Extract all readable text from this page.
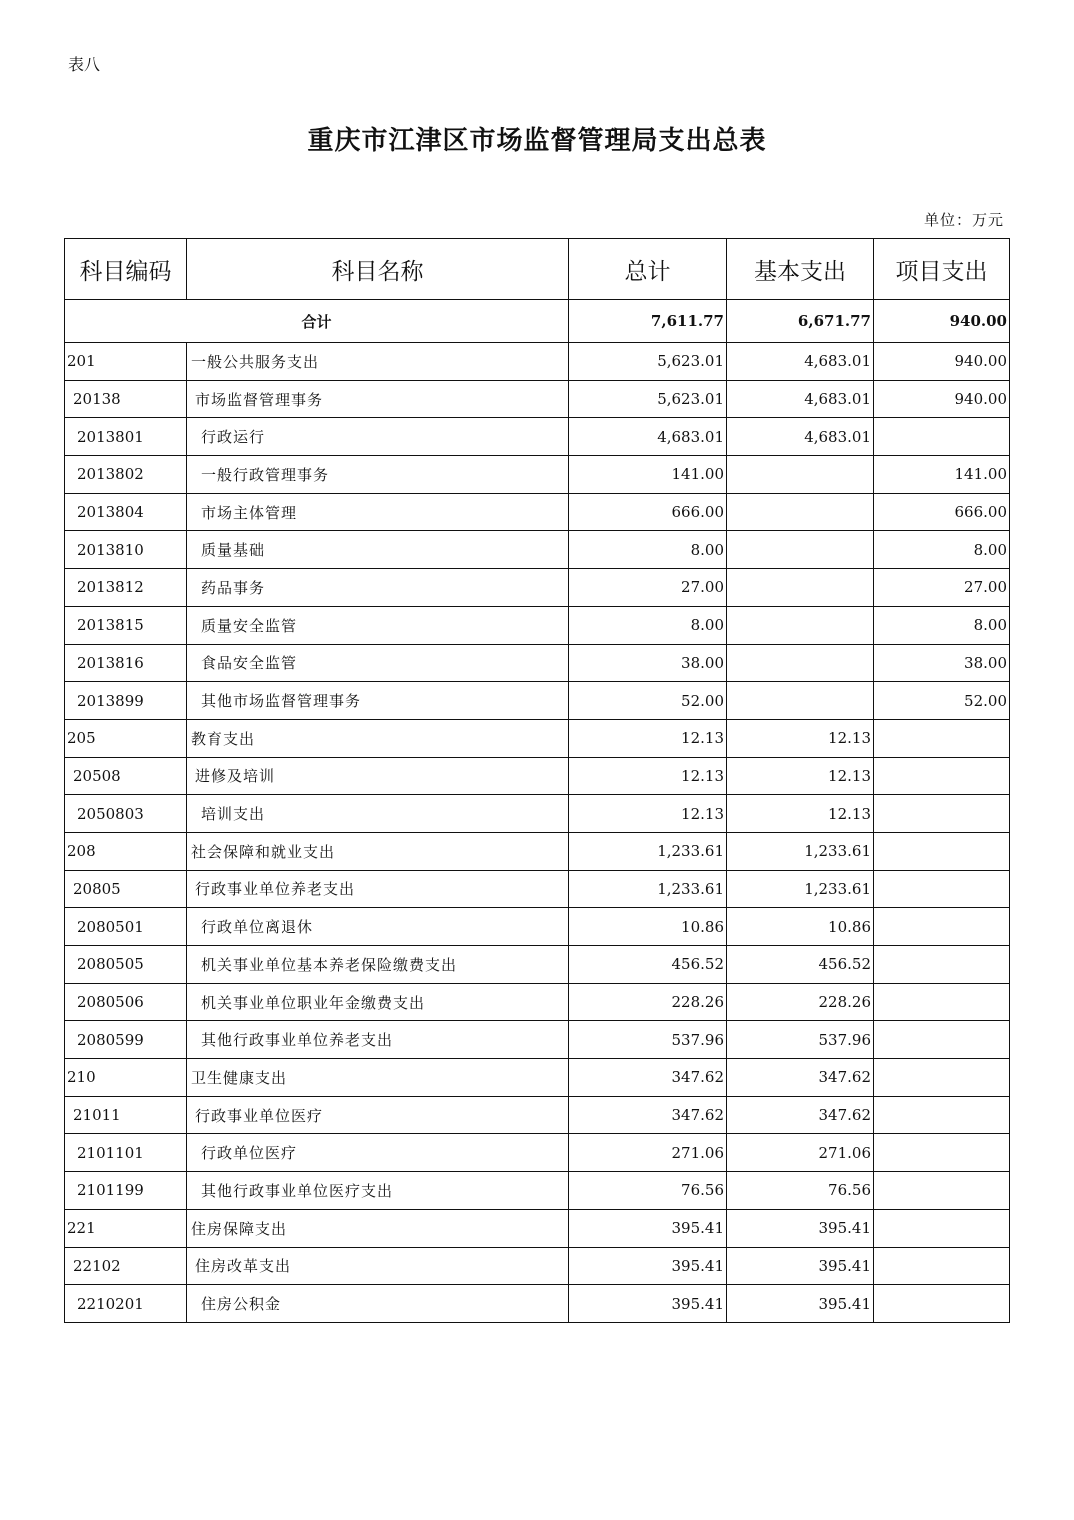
表八
重庆市江津区市场监督管理局支出总表
单位：万元
科目编码	科目名称	总计	基本支出	项目支出
合计		7,611.77	6,671.77	940.00
201	一般公共服务支出	5,623.01	4,683.01	940.00
20138	市场监督管理事务	5,623.01	4,683.01	940.00
2013801	行政运行	4,683.01	4,683.01	
2013802	一般行政管理事务	141.00		141.00
2013804	市场主体管理	666.00		666.00
2013810	质量基础	8.00		8.00
2013812	药品事务	27.00		27.00
2013815	质量安全监管	8.00		8.00
2013816	食品安全监管	38.00		38.00
2013899	其他市场监督管理事务	52.00		52.00
205	教育支出	12.13	12.13	
20508	进修及培训	12.13	12.13	
2050803	培训支出	12.13	12.13	
208	社会保障和就业支出	1,233.61	1,233.61	
20805	行政事业单位养老支出	1,233.61	1,233.61	
2080501	行政单位离退休	10.86	10.86	
2080505	机关事业单位基本养老保险缴费支出	456.52	456.52	
2080506	机关事业单位职业年金缴费支出	228.26	228.26	
2080599	其他行政事业单位养老支出	537.96	537.96	
210	卫生健康支出	347.62	347.62	
21011	行政事业单位医疗	347.62	347.62	
2101101	行政单位医疗	271.06	271.06	
2101199	其他行政事业单位医疗支出	76.56	76.56	
221	住房保障支出	395.41	395.41	
22102	住房改革支出	395.41	395.41	
2210201	住房公积金	395.41	395.41	
